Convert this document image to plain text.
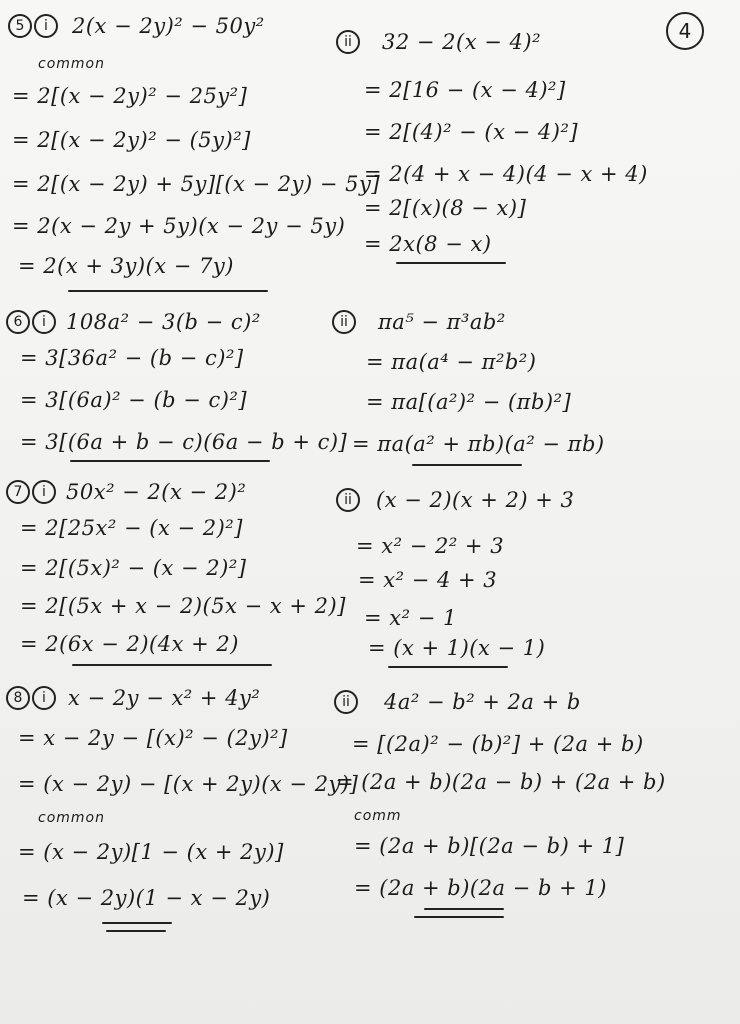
4
5	i	2(x − 2y)² − 50y²
common
= 2[(x − 2y)² − 25y²]
= 2[(x − 2y)² − (5y)²]
= 2[(x − 2y) + 5y][(x − 2y) − 5y]
= 2(x − 2y + 5y)(x − 2y − 5y)
= 2(x + 3y)(x − 7y)
ii	32 − 2(x − 4)²
= 2[16 − (x − 4)²]
= 2[(4)² − (x − 4)²]
= 2(4 + x − 4)(4 − x + 4)
= 2[(x)(8 − x)]
= 2x(8 − x)
6	i 108a² − 3(b − c)²
= 3[36a² − (b − c)²]
= 3[(6a)² − (b − c)²]
= 3[(6a + b − c)(6a − b + c)]
ii	πa⁵ − π³ab²
= πa(a⁴ − π²b²)
= πa[(a²)² − (πb)²]
= πa(a² + πb)(a² − πb)
7	i 50x² − 2(x − 2)²
= 2[25x² − (x − 2)²]
= 2[(5x)² − (x − 2)²]
= 2[(5x + x − 2)(5x − x + 2)]
= 2(6x − 2)(4x + 2)
ii	(x − 2)(x + 2) + 3
= x² − 2² + 3
= x² − 4 + 3
= x² − 1
= (x + 1)(x − 1)
8	i	x − 2y − x² + 4y²
= x − 2y − [(x)² − (2y)²]
= (x − 2y) − [(x + 2y)(x − 2y)]
common
= (x − 2y)[1 − (x + 2y)]
= (x − 2y)(1 − x − 2y)
ii	4a² − b² + 2a + b
= [(2a)² − (b)²] + (2a + b)
= (2a + b)(2a − b) + (2a + b)
comm
= (2a + b)[(2a − b) + 1]
= (2a + b)(2a − b + 1)
